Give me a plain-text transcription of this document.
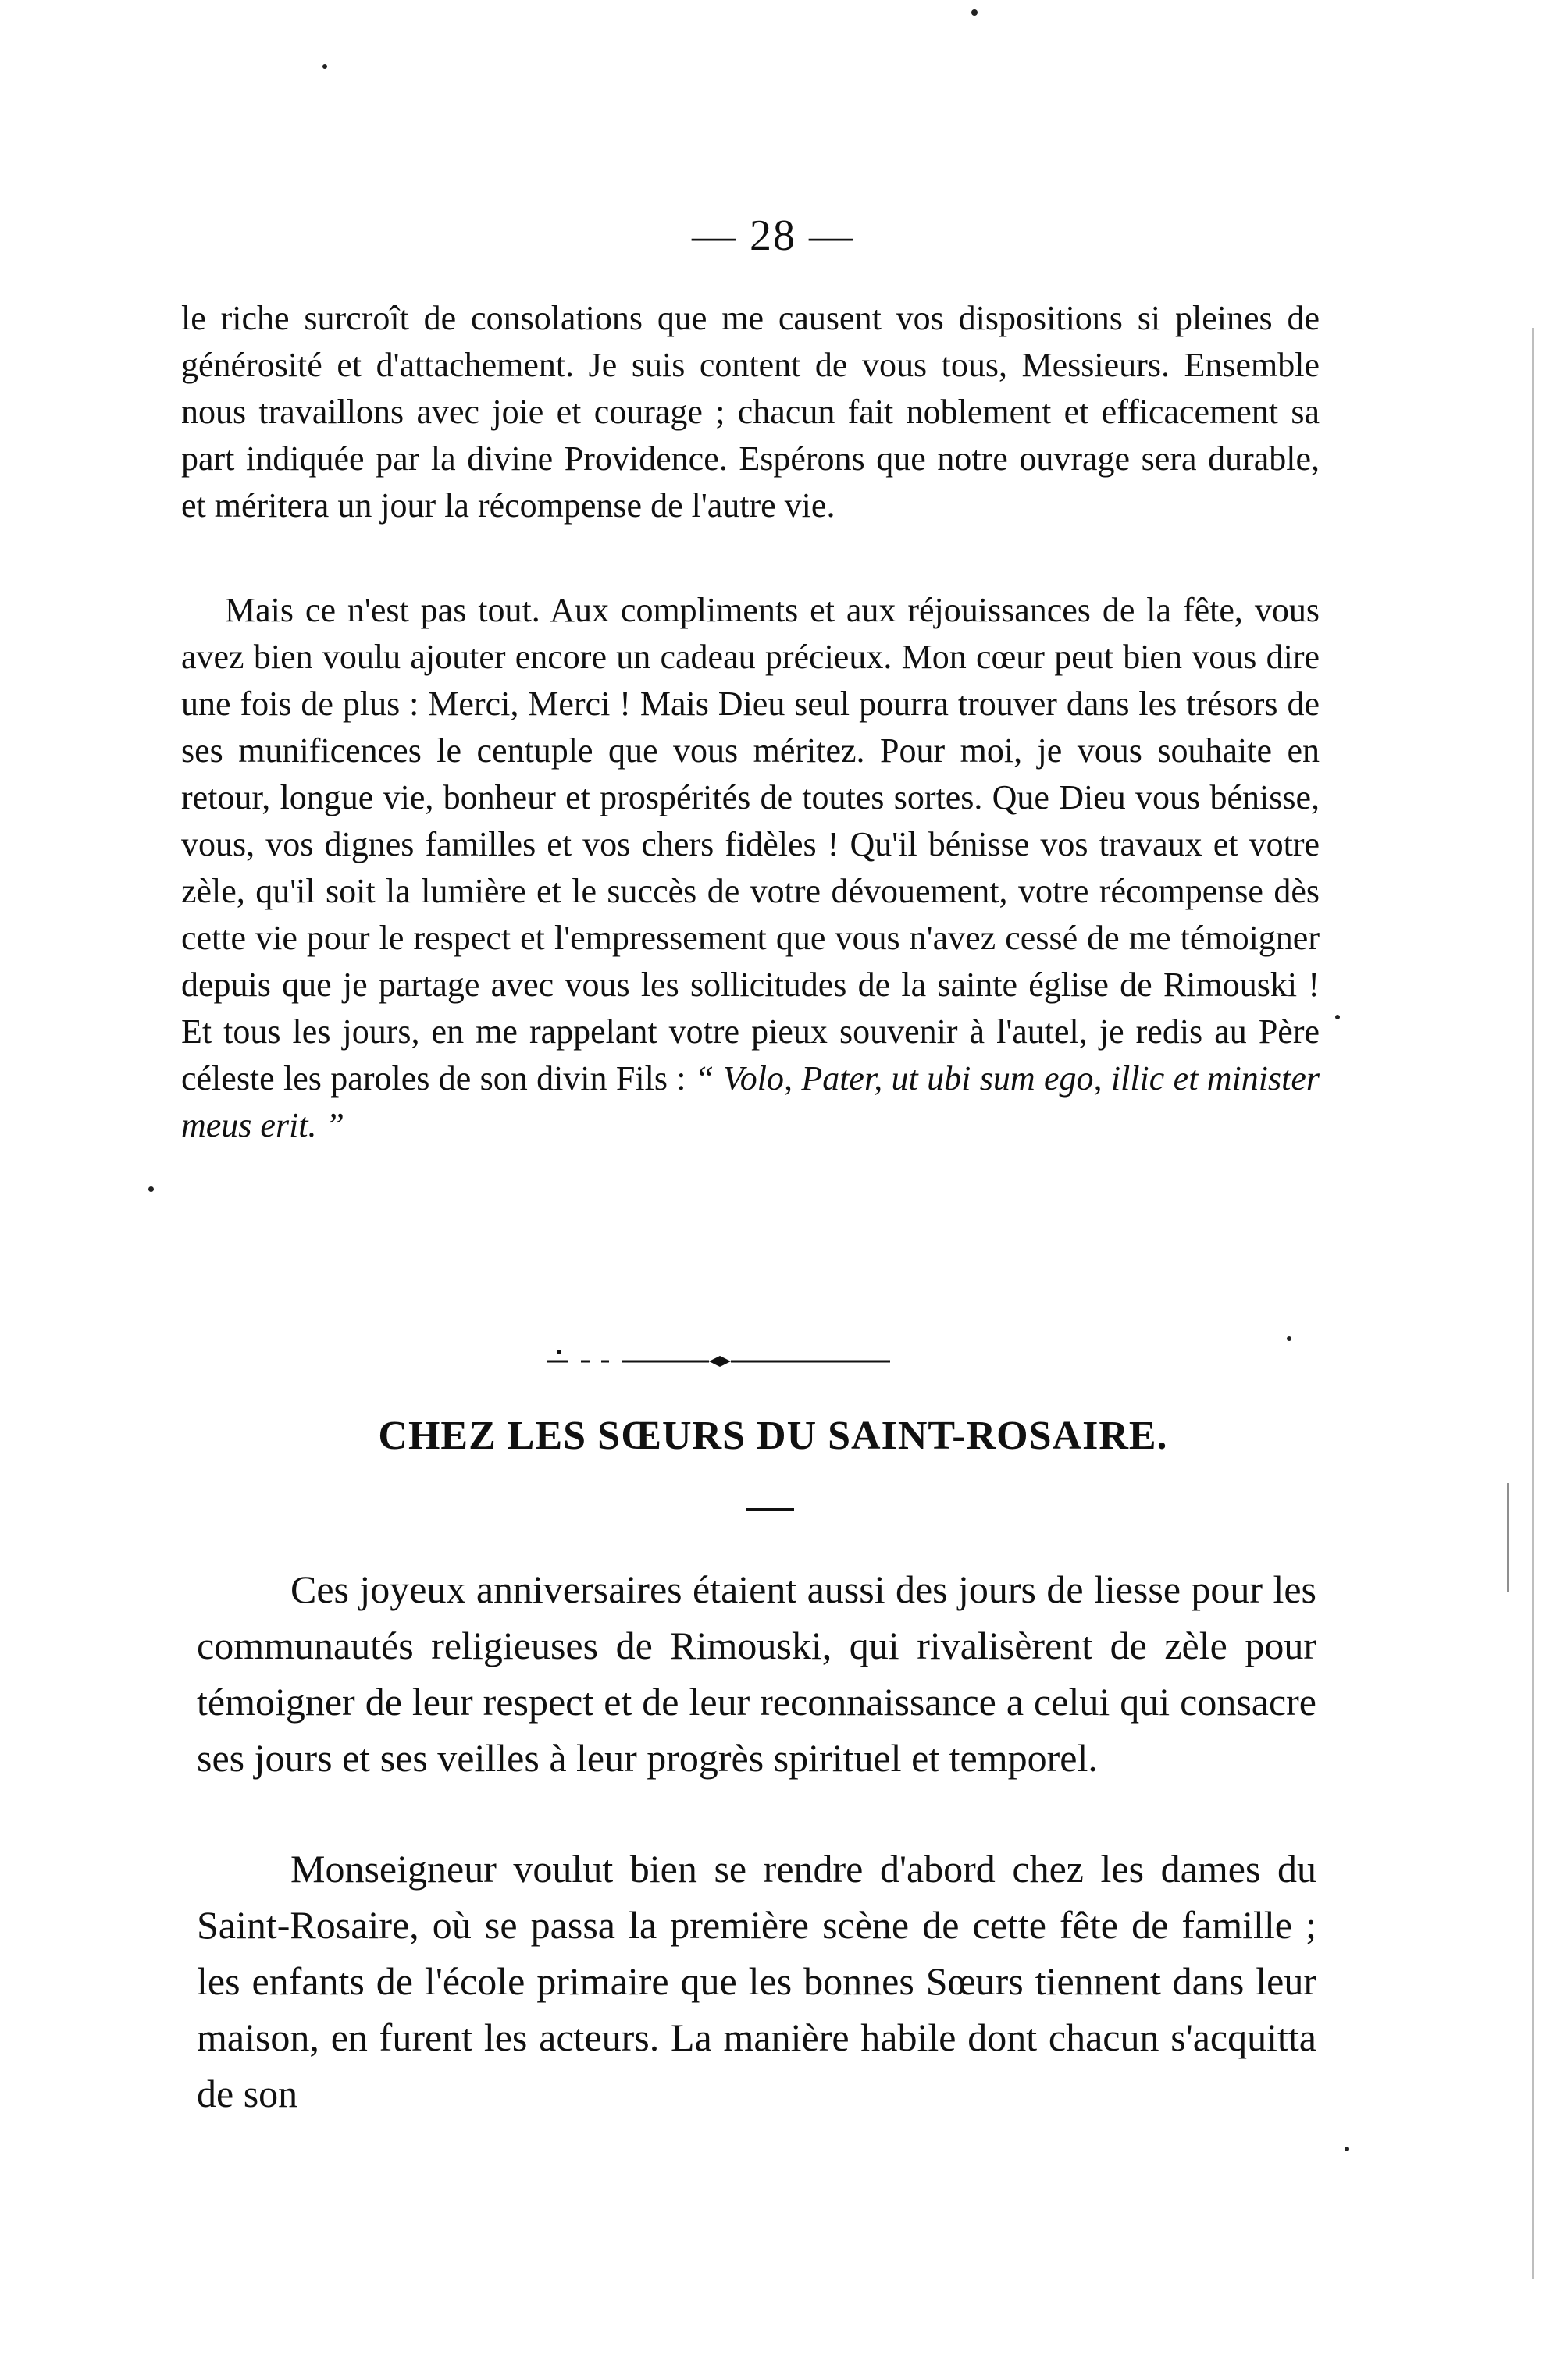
— 28 —

le riche surcroît de consolations que me causent vos dispositions si pleines de générosité et d'attachement. Je suis content de vous tous, Messieurs. Ensemble nous travaillons avec joie et courage ; chacun fait noblement et efficacement sa part indiquée par la divine Providence. Espérons que notre ouvrage sera durable, et méritera un jour la récompense de l'autre vie.

Mais ce n'est pas tout. Aux compliments et aux réjouissances de la fête, vous avez bien voulu ajouter encore un cadeau précieux. Mon cœur peut bien vous dire une fois de plus : Merci, Merci ! Mais Dieu seul pourra trouver dans les trésors de ses munificences le centuple que vous méritez. Pour moi, je vous souhaite en retour, longue vie, bonheur et prospérités de toutes sortes. Que Dieu vous bénisse, vous, vos dignes familles et vos chers fidèles ! Qu'il bénisse vos travaux et votre zèle, qu'il soit la lumière et le succès de votre dévouement, votre récompense dès cette vie pour le respect et l'empressement que vous n'avez cessé de me témoigner depuis que je partage avec vous les sollicitudes de la sainte église de Rimouski ! Et tous les jours, en me rappelant votre pieux souvenir à l'autel, je redis au Père céleste les paroles de son divin Fils : “ Volo, Pater, ut ubi sum ego, illic et minister meus erit. ”

CHEZ LES SŒURS DU SAINT-ROSAIRE.

Ces joyeux anniversaires étaient aussi des jours de liesse pour les communautés religieuses de Rimouski, qui rivalisèrent de zèle pour témoigner de leur respect et de leur reconnaissance a celui qui consacre ses jours et ses veilles à leur progrès spirituel et temporel.

Monseigneur voulut bien se rendre d'abord chez les dames du Saint-Rosaire, où se passa la première scène de cette fête de famille ; les enfants de l'école primaire que les bonnes Sœurs tiennent dans leur maison, en furent les acteurs. La manière habile dont chacun s'acquitta de son
